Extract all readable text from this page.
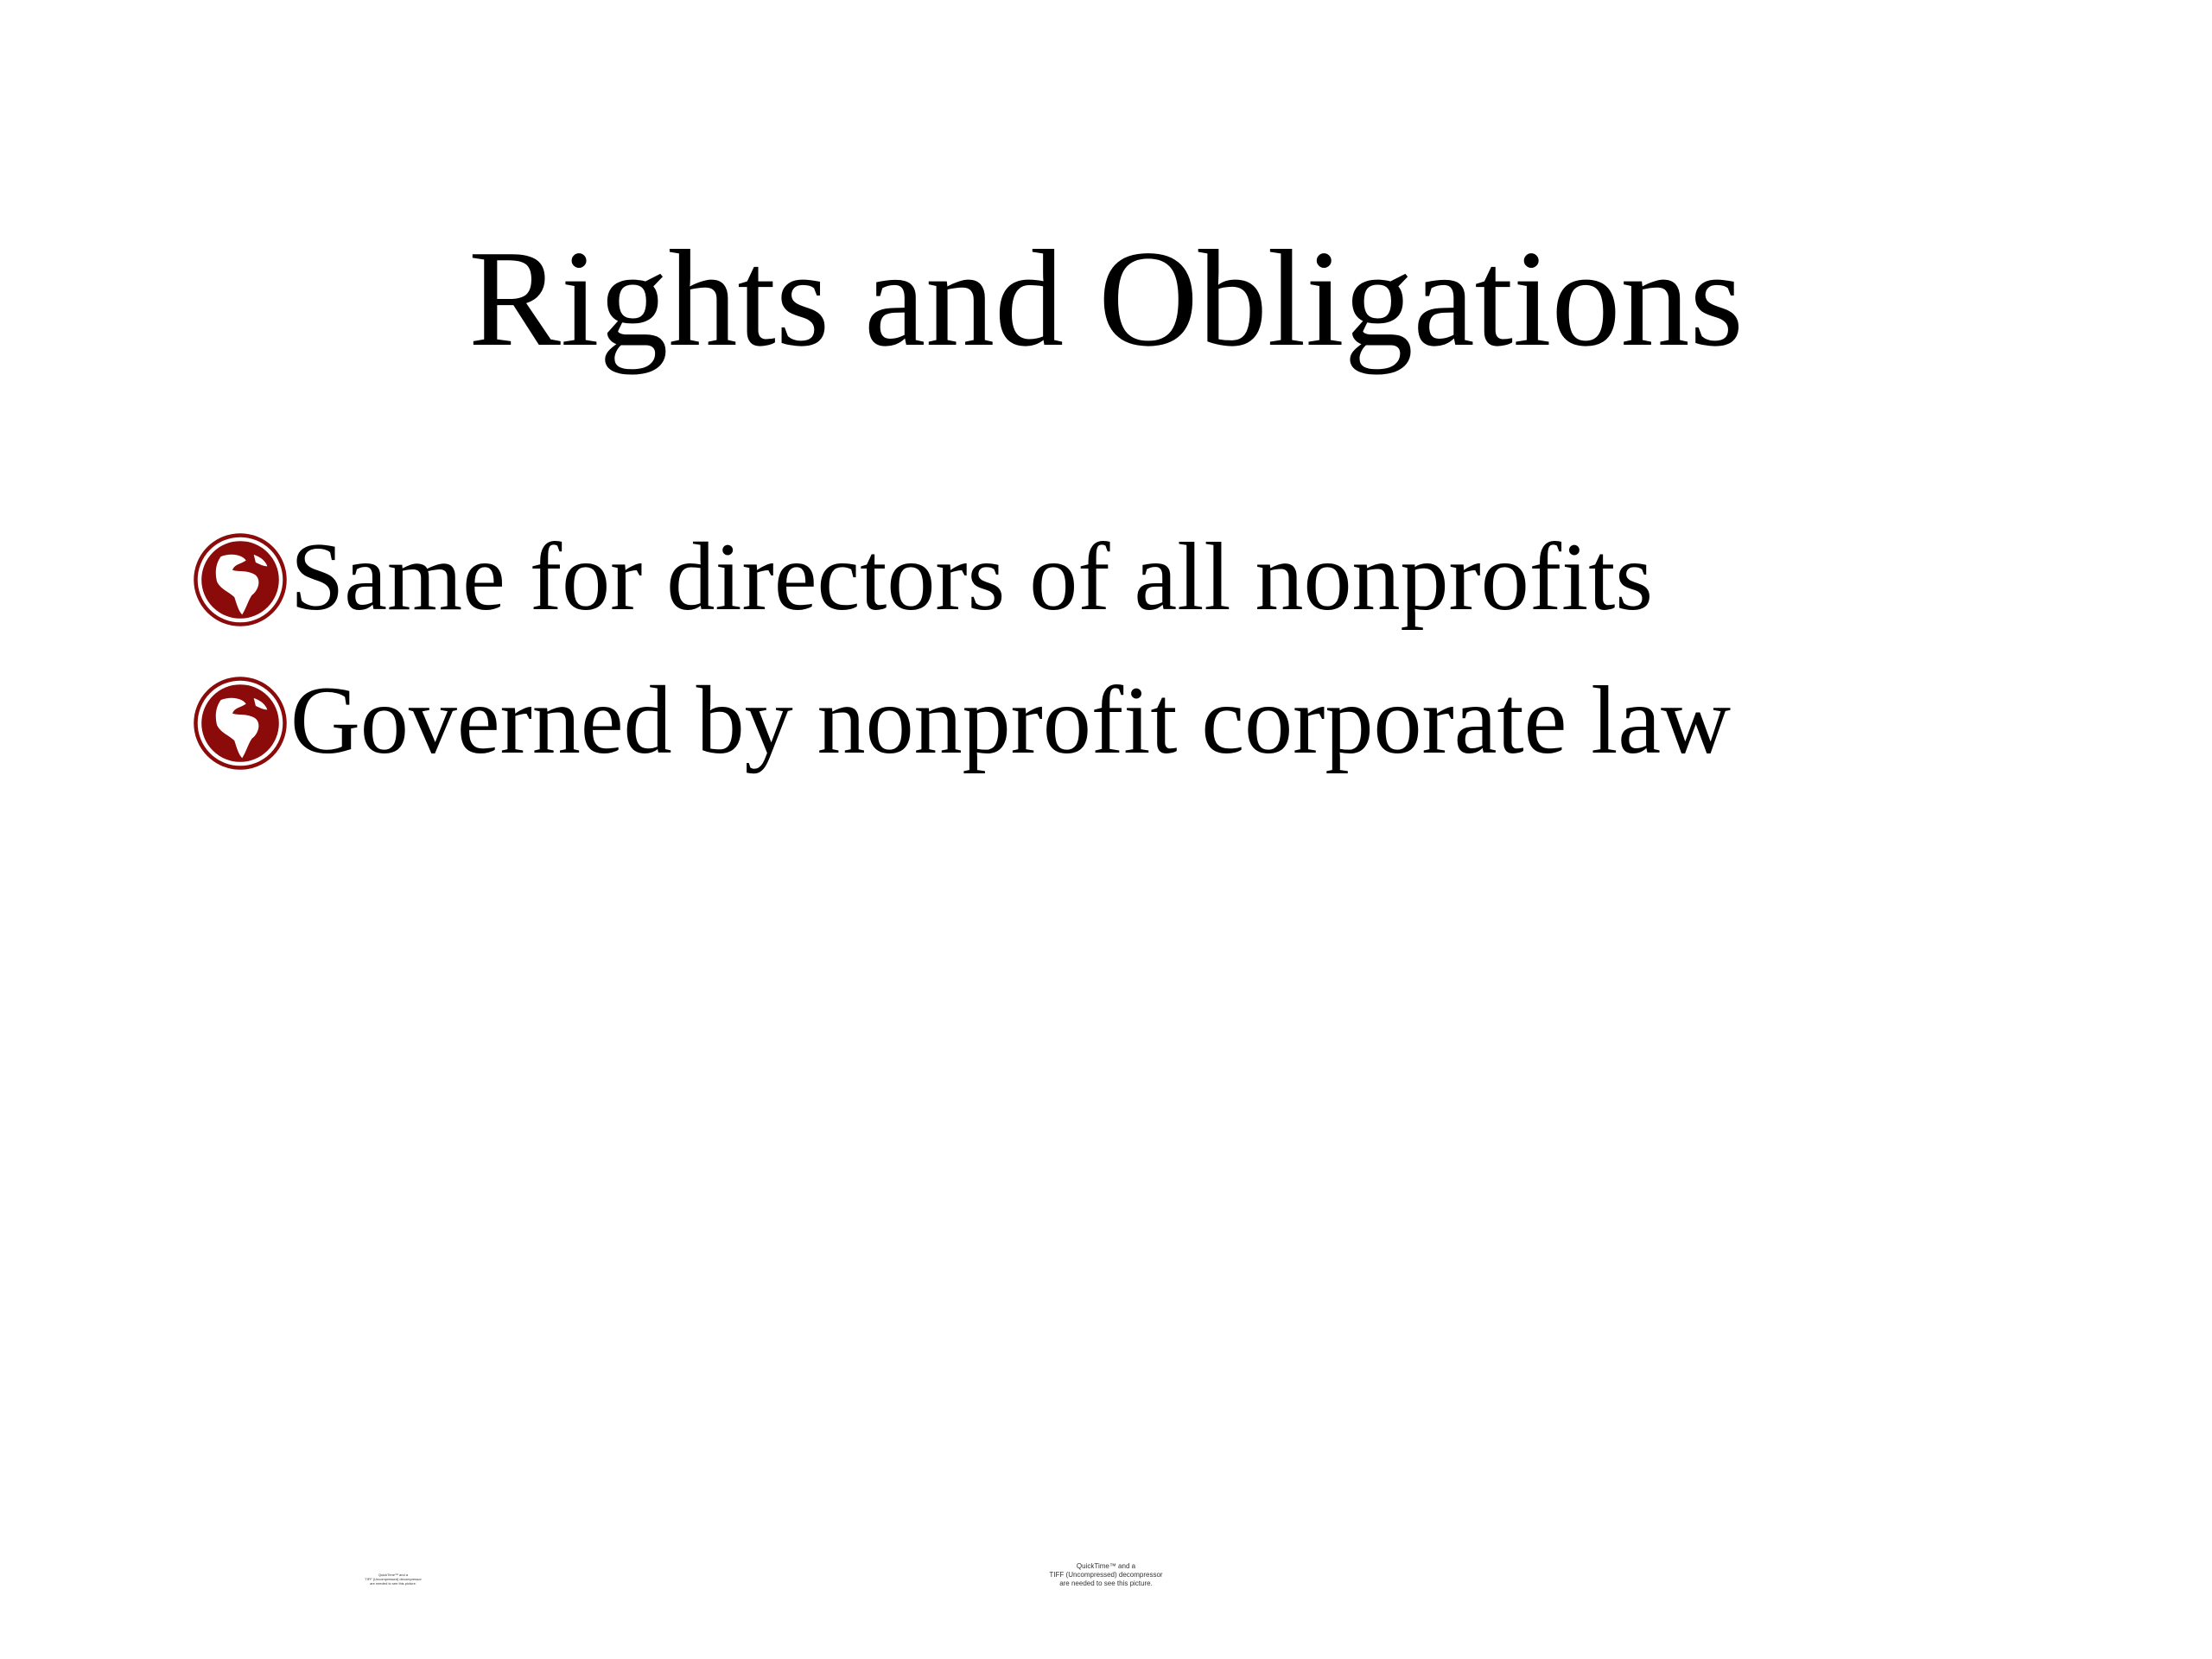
Rights and Obligations
Same for directors of all nonprofits
Governed by nonprofit corporate law
QuickTime™ and a
TIFF (Uncompressed) decompressor
are needed to see this picture.
QuickTime™ and a
TIFF (Uncompressed) decompressor
are needed to see this picture.
